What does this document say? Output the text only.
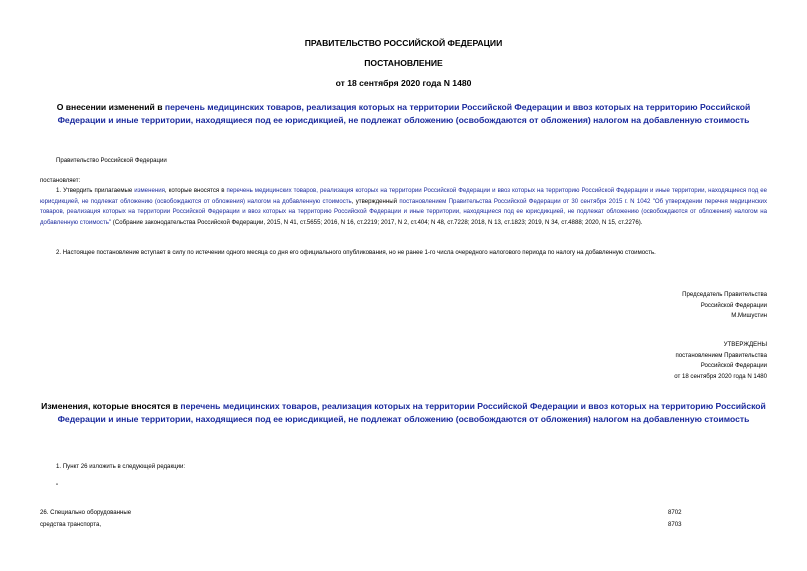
ПРАВИТЕЛЬСТВО РОССИЙСКОЙ ФЕДЕРАЦИИ
ПОСТАНОВЛЕНИЕ
от 18 сентября 2020 года N 1480
О внесении изменений в перечень медицинских товаров, реализация которых на территории Российской Федерации и ввоз которых на территорию Российской Федерации и иные территории, находящиеся под ее юрисдикцией, не подлежат обложению (освобождаются от обложения) налогом на добавленную стоимость
Правительство Российской Федерации
постановляет:
1. Утвердить прилагаемые изменения, которые вносятся в перечень медицинских товаров, реализация которых на территории Российской Федерации и ввоз которых на территорию Российской Федерации и иные территории, находящиеся под ее юрисдикцией, не подлежат обложению (освобождаются от обложения) налогом на добавленную стоимость, утвержденный постановлением Правительства Российской Федерации от 30 сентября 2015 г. N 1042 "Об утверждении перечня медицинских товаров, реализация которых на территории Российской Федерации и ввоз которых на территорию Российской Федерации и иные территории, находящиеся под ее юрисдикцией, не подлежат обложению (освобождаются от обложения) налогом на добавленную стоимость" (Собрание законодательства Российской Федерации, 2015, N 41, ст.5655; 2016, N 16, ст.2219; 2017, N 2, ст.404; N 48, ст.7228; 2018, N 13, ст.1823; 2019, N 34, ст.4888; 2020, N 15, ст.2276).
2. Настоящее постановление вступает в силу по истечении одного месяца со дня его официального опубликования, но не ранее 1-го числа очередного налогового периода по налогу на добавленную стоимость.
Председатель Правительства
Российской Федерации
М.Мишустин
УТВЕРЖДЕНЫ
постановлением Правительства
Российской Федерации
от 18 сентября 2020 года N 1480
Изменения, которые вносятся в перечень медицинских товаров, реализация которых на территории Российской Федерации и ввоз которых на территорию Российской Федерации и иные территории, находящиеся под ее юрисдикцией, не подлежат обложению (освобождаются от обложения) налогом на добавленную стоимость
1. Пункт 26 изложить в следующей редакции:
"
26. Специально оборудованные	8702
средства транспорта,	8703
